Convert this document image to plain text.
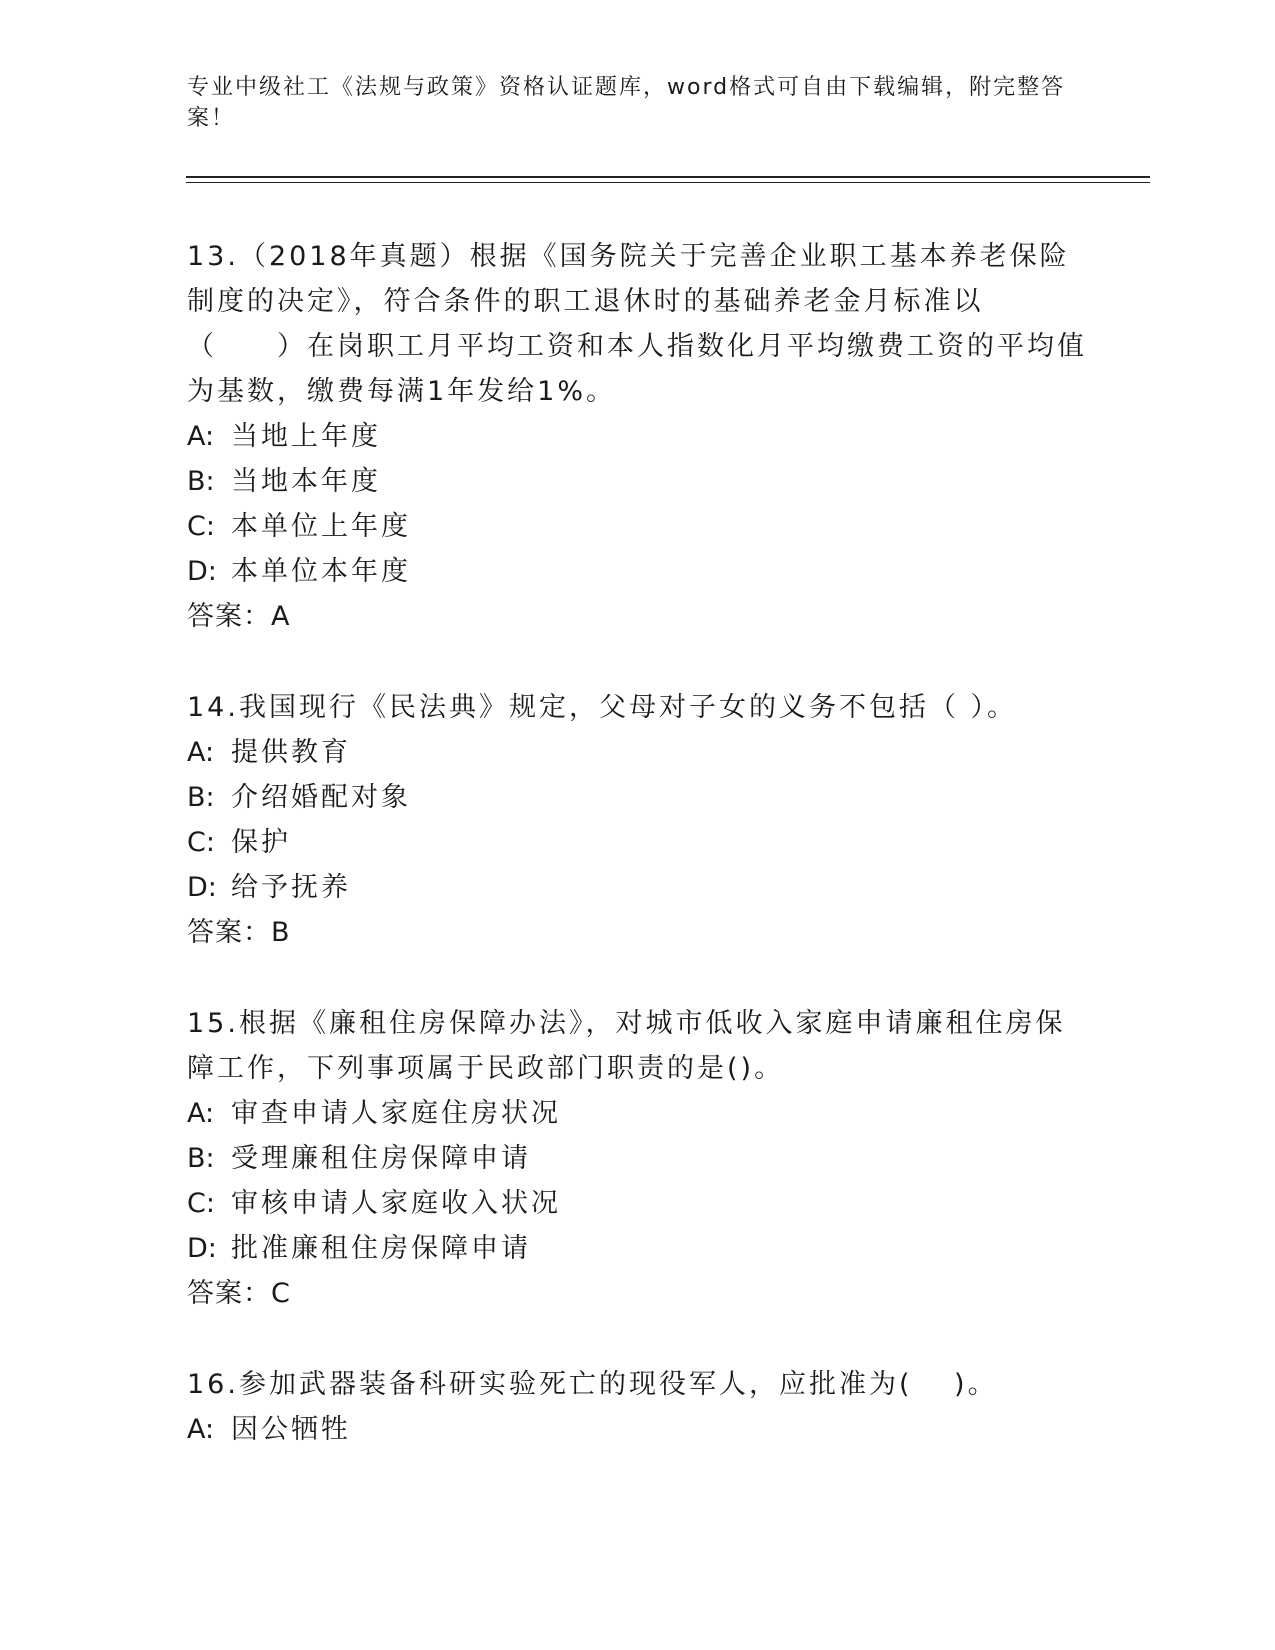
专业中级社工《法规与政策》资格认证题库，word格式可自由下载编辑，附完整答案！

13.（2018年真题）根据《国务院关于完善企业职工基本养老保险制度的决定》，符合条件的职工退休时的基础养老金月标准以（　　）在岗职工月平均工资和本人指数化月平均缴费工资的平均值为基数，缴费每满1年发给1%。

A: 当地上年度

B: 当地本年度

C: 本单位上年度

D: 本单位本年度

答案：A

14.我国现行《民法典》规定，父母对子女的义务不包括（ ）。

A: 提供教育

B: 介绍婚配对象

C: 保护

D: 给予抚养

答案：B

15.根据《廉租住房保障办法》，对城市低收入家庭申请廉租住房保障工作，下列事项属于民政部门职责的是()。

A: 审查申请人家庭住房状况

B: 受理廉租住房保障申请

C: 审核申请人家庭收入状况

D: 批准廉租住房保障申请

答案：C

16.参加武器装备科研实验死亡的现役军人，应批准为(　 )。

A: 因公牺牲
